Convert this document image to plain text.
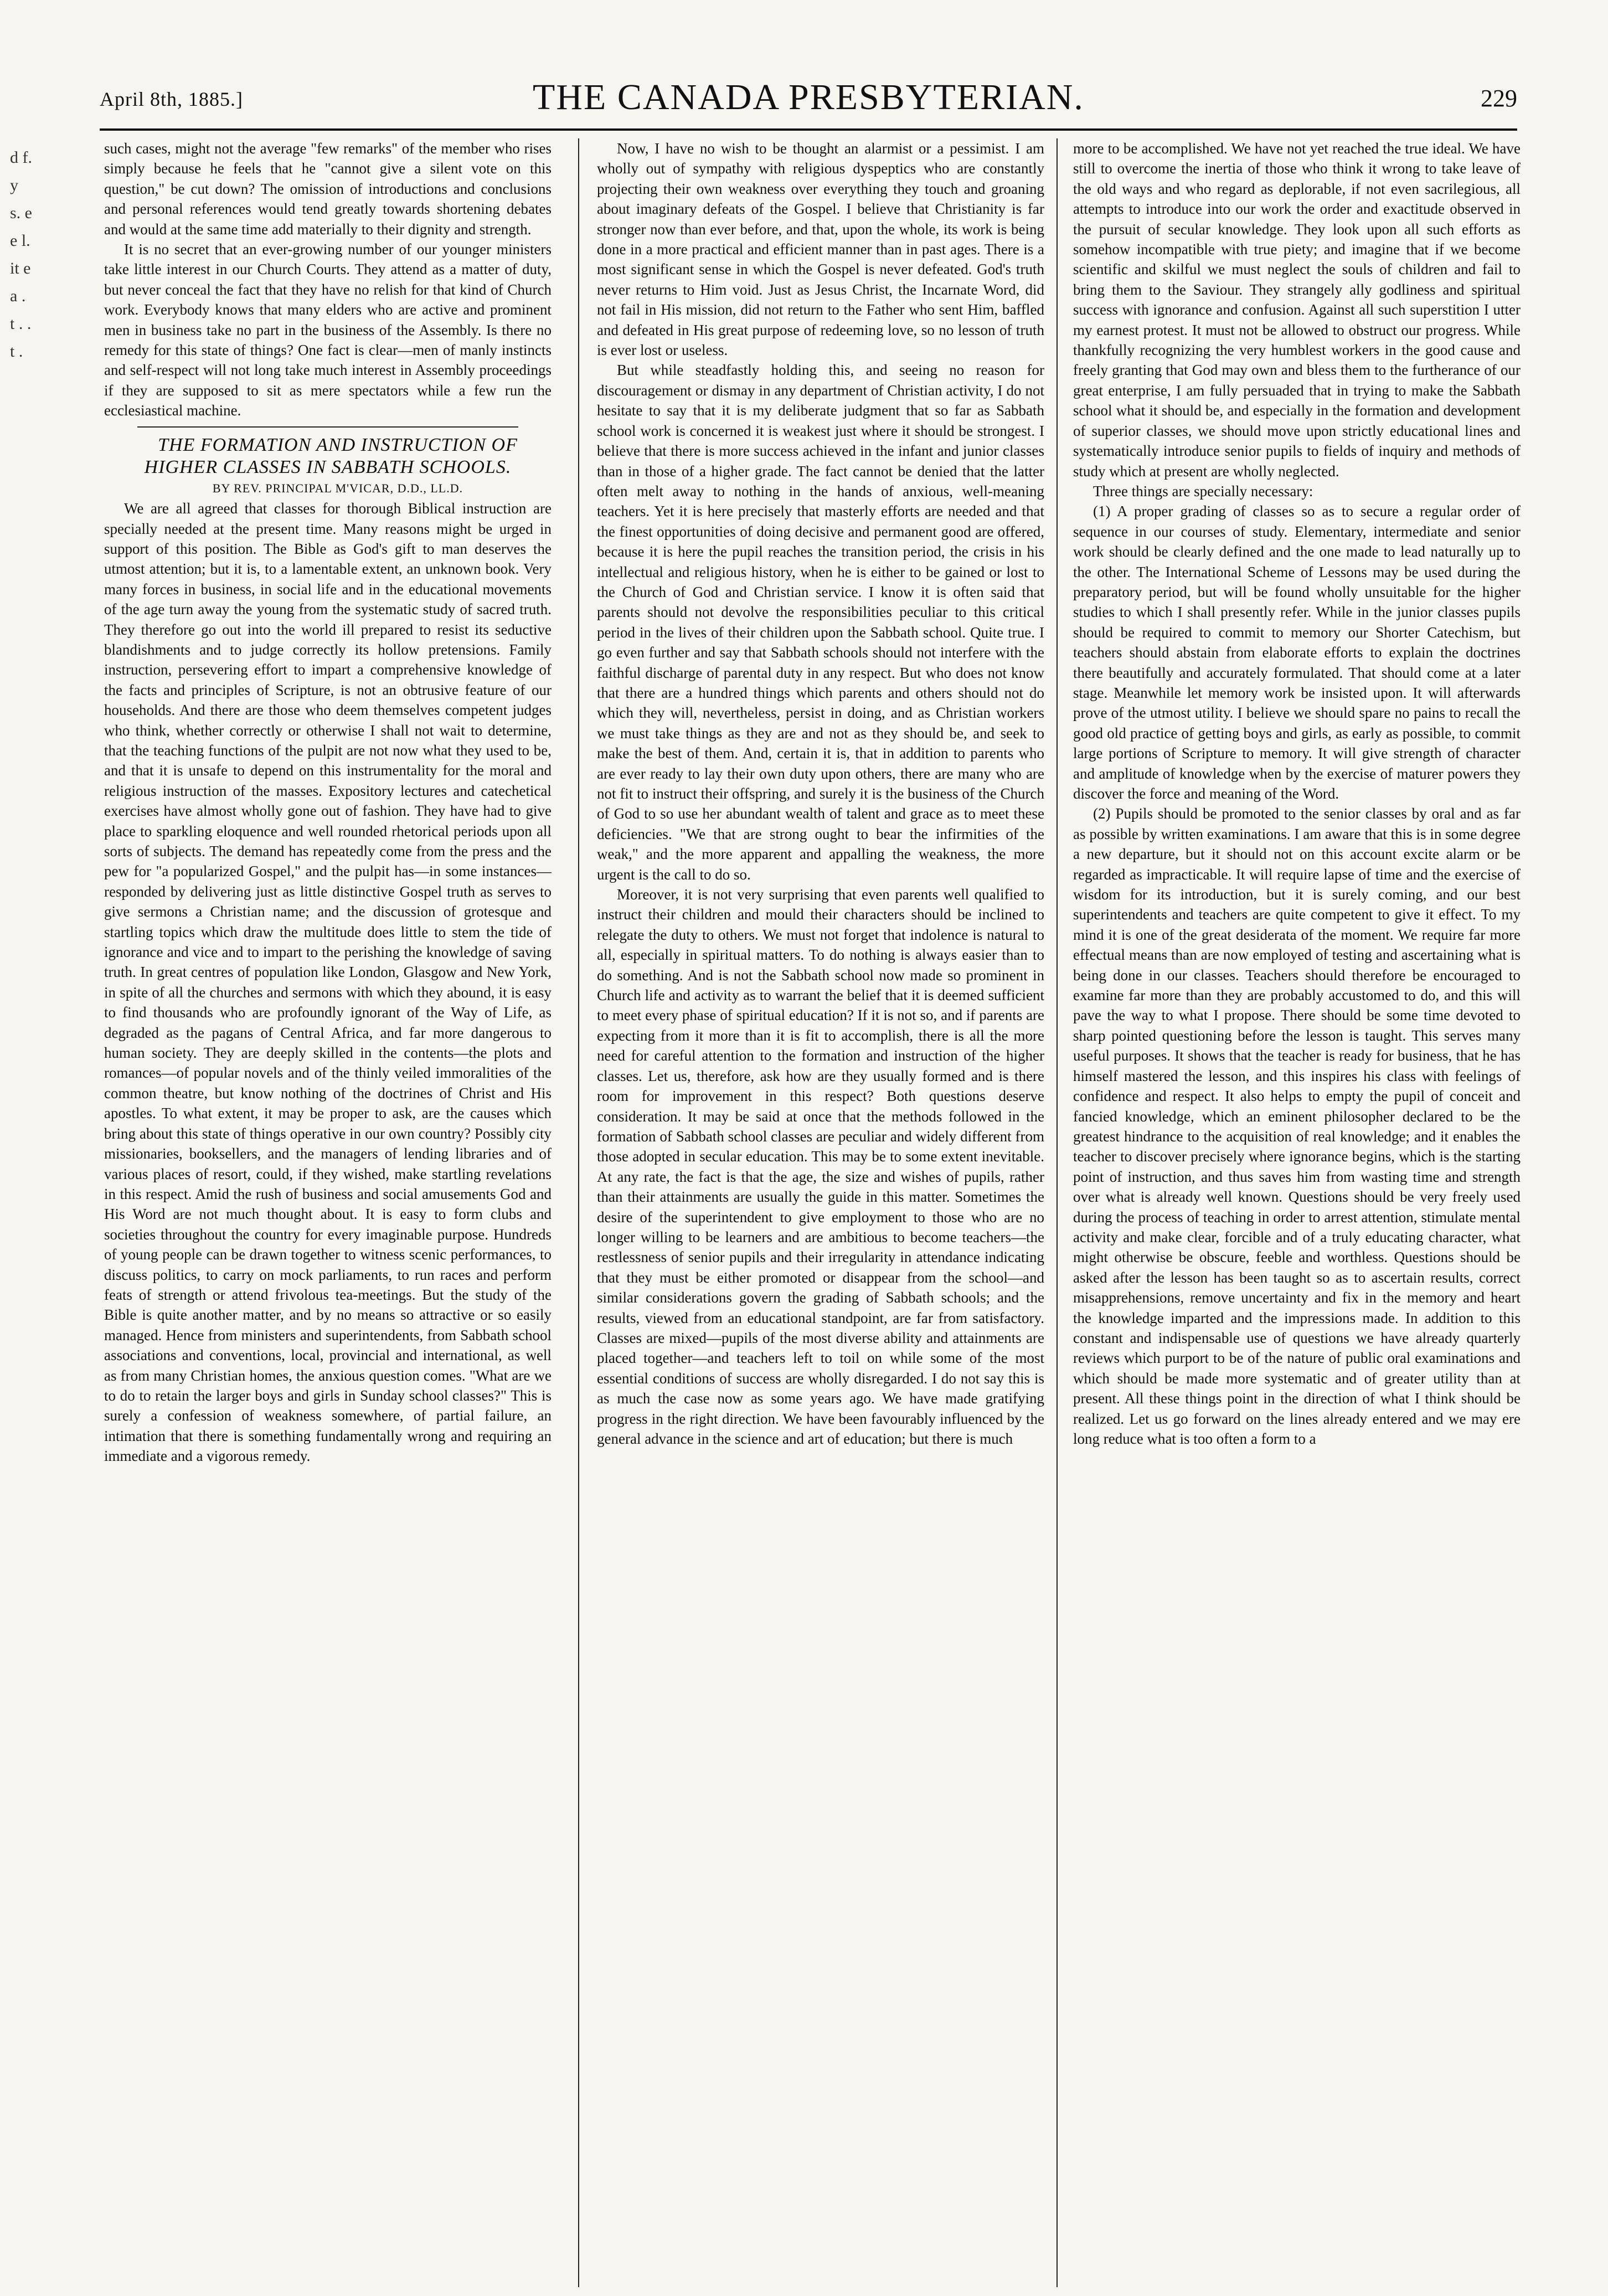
April 8th, 1885.]	THE CANADA PRESBYTERIAN.	229
d f. y s. e e l. it e a . t . . t .

such cases, might not the average "few remarks" of the member who rises simply because he feels that he "cannot give a silent vote on this question," be cut down? The omission of introductions and conclusions and personal references would tend greatly towards shortening debates and would at the same time add materially to their dignity and strength.

It is no secret that an ever-growing number of our younger ministers take little interest in our Church Courts. They attend as a matter of duty, but never conceal the fact that they have no relish for that kind of Church work. Everybody knows that many elders who are active and prominent men in business take no part in the business of the Assembly. Is there no remedy for this state of things? One fact is clear—men of manly instincts and self-respect will not long take much interest in Assembly proceedings if they are supposed to sit as mere spectators while a few run the ecclesiastical machine.

THE FORMATION AND INSTRUCTION OF HIGHER CLASSES IN SABBATH SCHOOLS.

BY REV. PRINCIPAL M'VICAR, D.D., LL.D.

We are all agreed that classes for thorough Biblical instruction are specially needed at the present time. Many reasons might be urged in support of this position. The Bible as God's gift to man deserves the utmost attention; but it is, to a lamentable extent, an unknown book. Very many forces in business, in social life and in the educational movements of the age turn away the young from the systematic study of sacred truth. They therefore go out into the world ill prepared to resist its seductive blandishments and to judge correctly its hollow pretensions. Family instruction, persevering effort to impart a comprehensive knowledge of the facts and principles of Scripture, is not an obtrusive feature of our households. And there are those who deem themselves competent judges who think, whether correctly or otherwise I shall not wait to determine, that the teaching functions of the pulpit are not now what they used to be, and that it is unsafe to depend on this instrumentality for the moral and religious instruction of the masses. Expository lectures and catechetical exercises have almost wholly gone out of fashion. They have had to give place to sparkling eloquence and well rounded rhetorical periods upon all sorts of subjects. The demand has repeatedly come from the press and the pew for "a popularized Gospel," and the pulpit has—in some instances—responded by delivering just as little distinctive Gospel truth as serves to give sermons a Christian name; and the discussion of grotesque and startling topics which draw the multitude does little to stem the tide of ignorance and vice and to impart to the perishing the knowledge of saving truth. In great centres of population like London, Glasgow and New York, in spite of all the churches and sermons with which they abound, it is easy to find thousands who are profoundly ignorant of the Way of Life, as degraded as the pagans of Central Africa, and far more dangerous to human society. They are deeply skilled in the contents—the plots and romances—of popular novels and of the thinly veiled immoralities of the common theatre, but know nothing of the doctrines of Christ and His apostles. To what extent, it may be proper to ask, are the causes which bring about this state of things operative in our own country? Possibly city missionaries, booksellers, and the managers of lending libraries and of various places of resort, could, if they wished, make startling revelations in this respect. Amid the rush of business and social amusements God and His Word are not much thought about. It is easy to form clubs and societies throughout the country for every imaginable purpose. Hundreds of young people can be drawn together to witness scenic performances, to discuss politics, to carry on mock parliaments, to run races and perform feats of strength or attend frivolous tea-meetings. But the study of the Bible is quite another matter, and by no means so attractive or so easily managed. Hence from ministers and superintendents, from Sabbath school associations and conventions, local, provincial and international, as well as from many Christian homes, the anxious question comes. "What are we to do to retain the larger boys and girls in Sunday school classes?" This is surely a confession of weakness somewhere, of partial failure, an intimation that there is something fundamentally wrong and requiring an immediate and a vigorous remedy.

Now, I have no wish to be thought an alarmist or a pessimist. I am wholly out of sympathy with religious dyspeptics who are constantly projecting their own weakness over everything they touch and groaning about imaginary defeats of the Gospel. I believe that Christianity is far stronger now than ever before, and that, upon the whole, its work is being done in a more practical and efficient manner than in past ages. There is a most significant sense in which the Gospel is never defeated. God's truth never returns to Him void. Just as Jesus Christ, the Incarnate Word, did not fail in His mission, did not return to the Father who sent Him, baffled and defeated in His great purpose of redeeming love, so no lesson of truth is ever lost or useless.

But while steadfastly holding this, and seeing no reason for discouragement or dismay in any department of Christian activity, I do not hesitate to say that it is my deliberate judgment that so far as Sabbath school work is concerned it is weakest just where it should be strongest. I believe that there is more success achieved in the infant and junior classes than in those of a higher grade. The fact cannot be denied that the latter often melt away to nothing in the hands of anxious, well-meaning teachers. Yet it is here precisely that masterly efforts are needed and that the finest opportunities of doing decisive and permanent good are offered, because it is here the pupil reaches the transition period, the crisis in his intellectual and religious history, when he is either to be gained or lost to the Church of God and Christian service. I know it is often said that parents should not devolve the responsibilities peculiar to this critical period in the lives of their children upon the Sabbath school. Quite true. I go even further and say that Sabbath schools should not interfere with the faithful discharge of parental duty in any respect. But who does not know that there are a hundred things which parents and others should not do which they will, nevertheless, persist in doing, and as Christian workers we must take things as they are and not as they should be, and seek to make the best of them. And, certain it is, that in addition to parents who are ever ready to lay their own duty upon others, there are many who are not fit to instruct their offspring, and surely it is the business of the Church of God to so use her abundant wealth of talent and grace as to meet these deficiencies. "We that are strong ought to bear the infirmities of the weak," and the more apparent and appalling the weakness, the more urgent is the call to do so.

Moreover, it is not very surprising that even parents well qualified to instruct their children and mould their characters should be inclined to relegate the duty to others. We must not forget that indolence is natural to all, especially in spiritual matters. To do nothing is always easier than to do something. And is not the Sabbath school now made so prominent in Church life and activity as to warrant the belief that it is deemed sufficient to meet every phase of spiritual education? If it is not so, and if parents are expecting from it more than it is fit to accomplish, there is all the more need for careful attention to the formation and instruction of the higher classes. Let us, therefore, ask how are they usually formed and is there room for improvement in this respect? Both questions deserve consideration. It may be said at once that the methods followed in the formation of Sabbath school classes are peculiar and widely different from those adopted in secular education. This may be to some extent inevitable. At any rate, the fact is that the age, the size and wishes of pupils, rather than their attainments are usually the guide in this matter. Sometimes the desire of the superintendent to give employment to those who are no longer willing to be learners and are ambitious to become teachers—the restlessness of senior pupils and their irregularity in attendance indicating that they must be either promoted or disappear from the school—and similar considerations govern the grading of Sabbath schools; and the results, viewed from an educational standpoint, are far from satisfactory. Classes are mixed—pupils of the most diverse ability and attainments are placed together—and teachers left to toil on while some of the most essential conditions of success are wholly disregarded. I do not say this is as much the case now as some years ago. We have made gratifying progress in the right direction. We have been favourably influenced by the general advance in the science and art of education; but there is much

more to be accomplished. We have not yet reached the true ideal. We have still to overcome the inertia of those who think it wrong to take leave of the old ways and who regard as deplorable, if not even sacrilegious, all attempts to introduce into our work the order and exactitude observed in the pursuit of secular knowledge. They look upon all such efforts as somehow incompatible with true piety; and imagine that if we become scientific and skilful we must neglect the souls of children and fail to bring them to the Saviour. They strangely ally godliness and spiritual success with ignorance and confusion. Against all such superstition I utter my earnest protest. It must not be allowed to obstruct our progress. While thankfully recognizing the very humblest workers in the good cause and freely granting that God may own and bless them to the furtherance of our great enterprise, I am fully persuaded that in trying to make the Sabbath school what it should be, and especially in the formation and development of superior classes, we should move upon strictly educational lines and systematically introduce senior pupils to fields of inquiry and methods of study which at present are wholly neglected.

Three things are specially necessary:

(1) A proper grading of classes so as to secure a regular order of sequence in our courses of study. Elementary, intermediate and senior work should be clearly defined and the one made to lead naturally up to the other. The International Scheme of Lessons may be used during the preparatory period, but will be found wholly unsuitable for the higher studies to which I shall presently refer. While in the junior classes pupils should be required to commit to memory our Shorter Catechism, but teachers should abstain from elaborate efforts to explain the doctrines there beautifully and accurately formulated. That should come at a later stage. Meanwhile let memory work be insisted upon. It will afterwards prove of the utmost utility. I believe we should spare no pains to recall the good old practice of getting boys and girls, as early as possible, to commit large portions of Scripture to memory. It will give strength of character and amplitude of knowledge when by the exercise of maturer powers they discover the force and meaning of the Word.

(2) Pupils should be promoted to the senior classes by oral and as far as possible by written examinations. I am aware that this is in some degree a new departure, but it should not on this account excite alarm or be regarded as impracticable. It will require lapse of time and the exercise of wisdom for its introduction, but it is surely coming, and our best superintendents and teachers are quite competent to give it effect. To my mind it is one of the great desiderata of the moment. We require far more effectual means than are now employed of testing and ascertaining what is being done in our classes. Teachers should therefore be encouraged to examine far more than they are probably accustomed to do, and this will pave the way to what I propose. There should be some time devoted to sharp pointed questioning before the lesson is taught. This serves many useful purposes. It shows that the teacher is ready for business, that he has himself mastered the lesson, and this inspires his class with feelings of confidence and respect. It also helps to empty the pupil of conceit and fancied knowledge, which an eminent philosopher declared to be the greatest hindrance to the acquisition of real knowledge; and it enables the teacher to discover precisely where ignorance begins, which is the starting point of instruction, and thus saves him from wasting time and strength over what is already well known. Questions should be very freely used during the process of teaching in order to arrest attention, stimulate mental activity and make clear, forcible and of a truly educating character, what might otherwise be obscure, feeble and worthless. Questions should be asked after the lesson has been taught so as to ascertain results, correct misapprehensions, remove uncertainty and fix in the memory and heart the knowledge imparted and the impressions made. In addition to this constant and indispensable use of questions we have already quarterly reviews which purport to be of the nature of public oral examinations and which should be made more systematic and of greater utility than at present. All these things point in the direction of what I think should be realized. Let us go forward on the lines already entered and we may ere long reduce what is too often a form to a
